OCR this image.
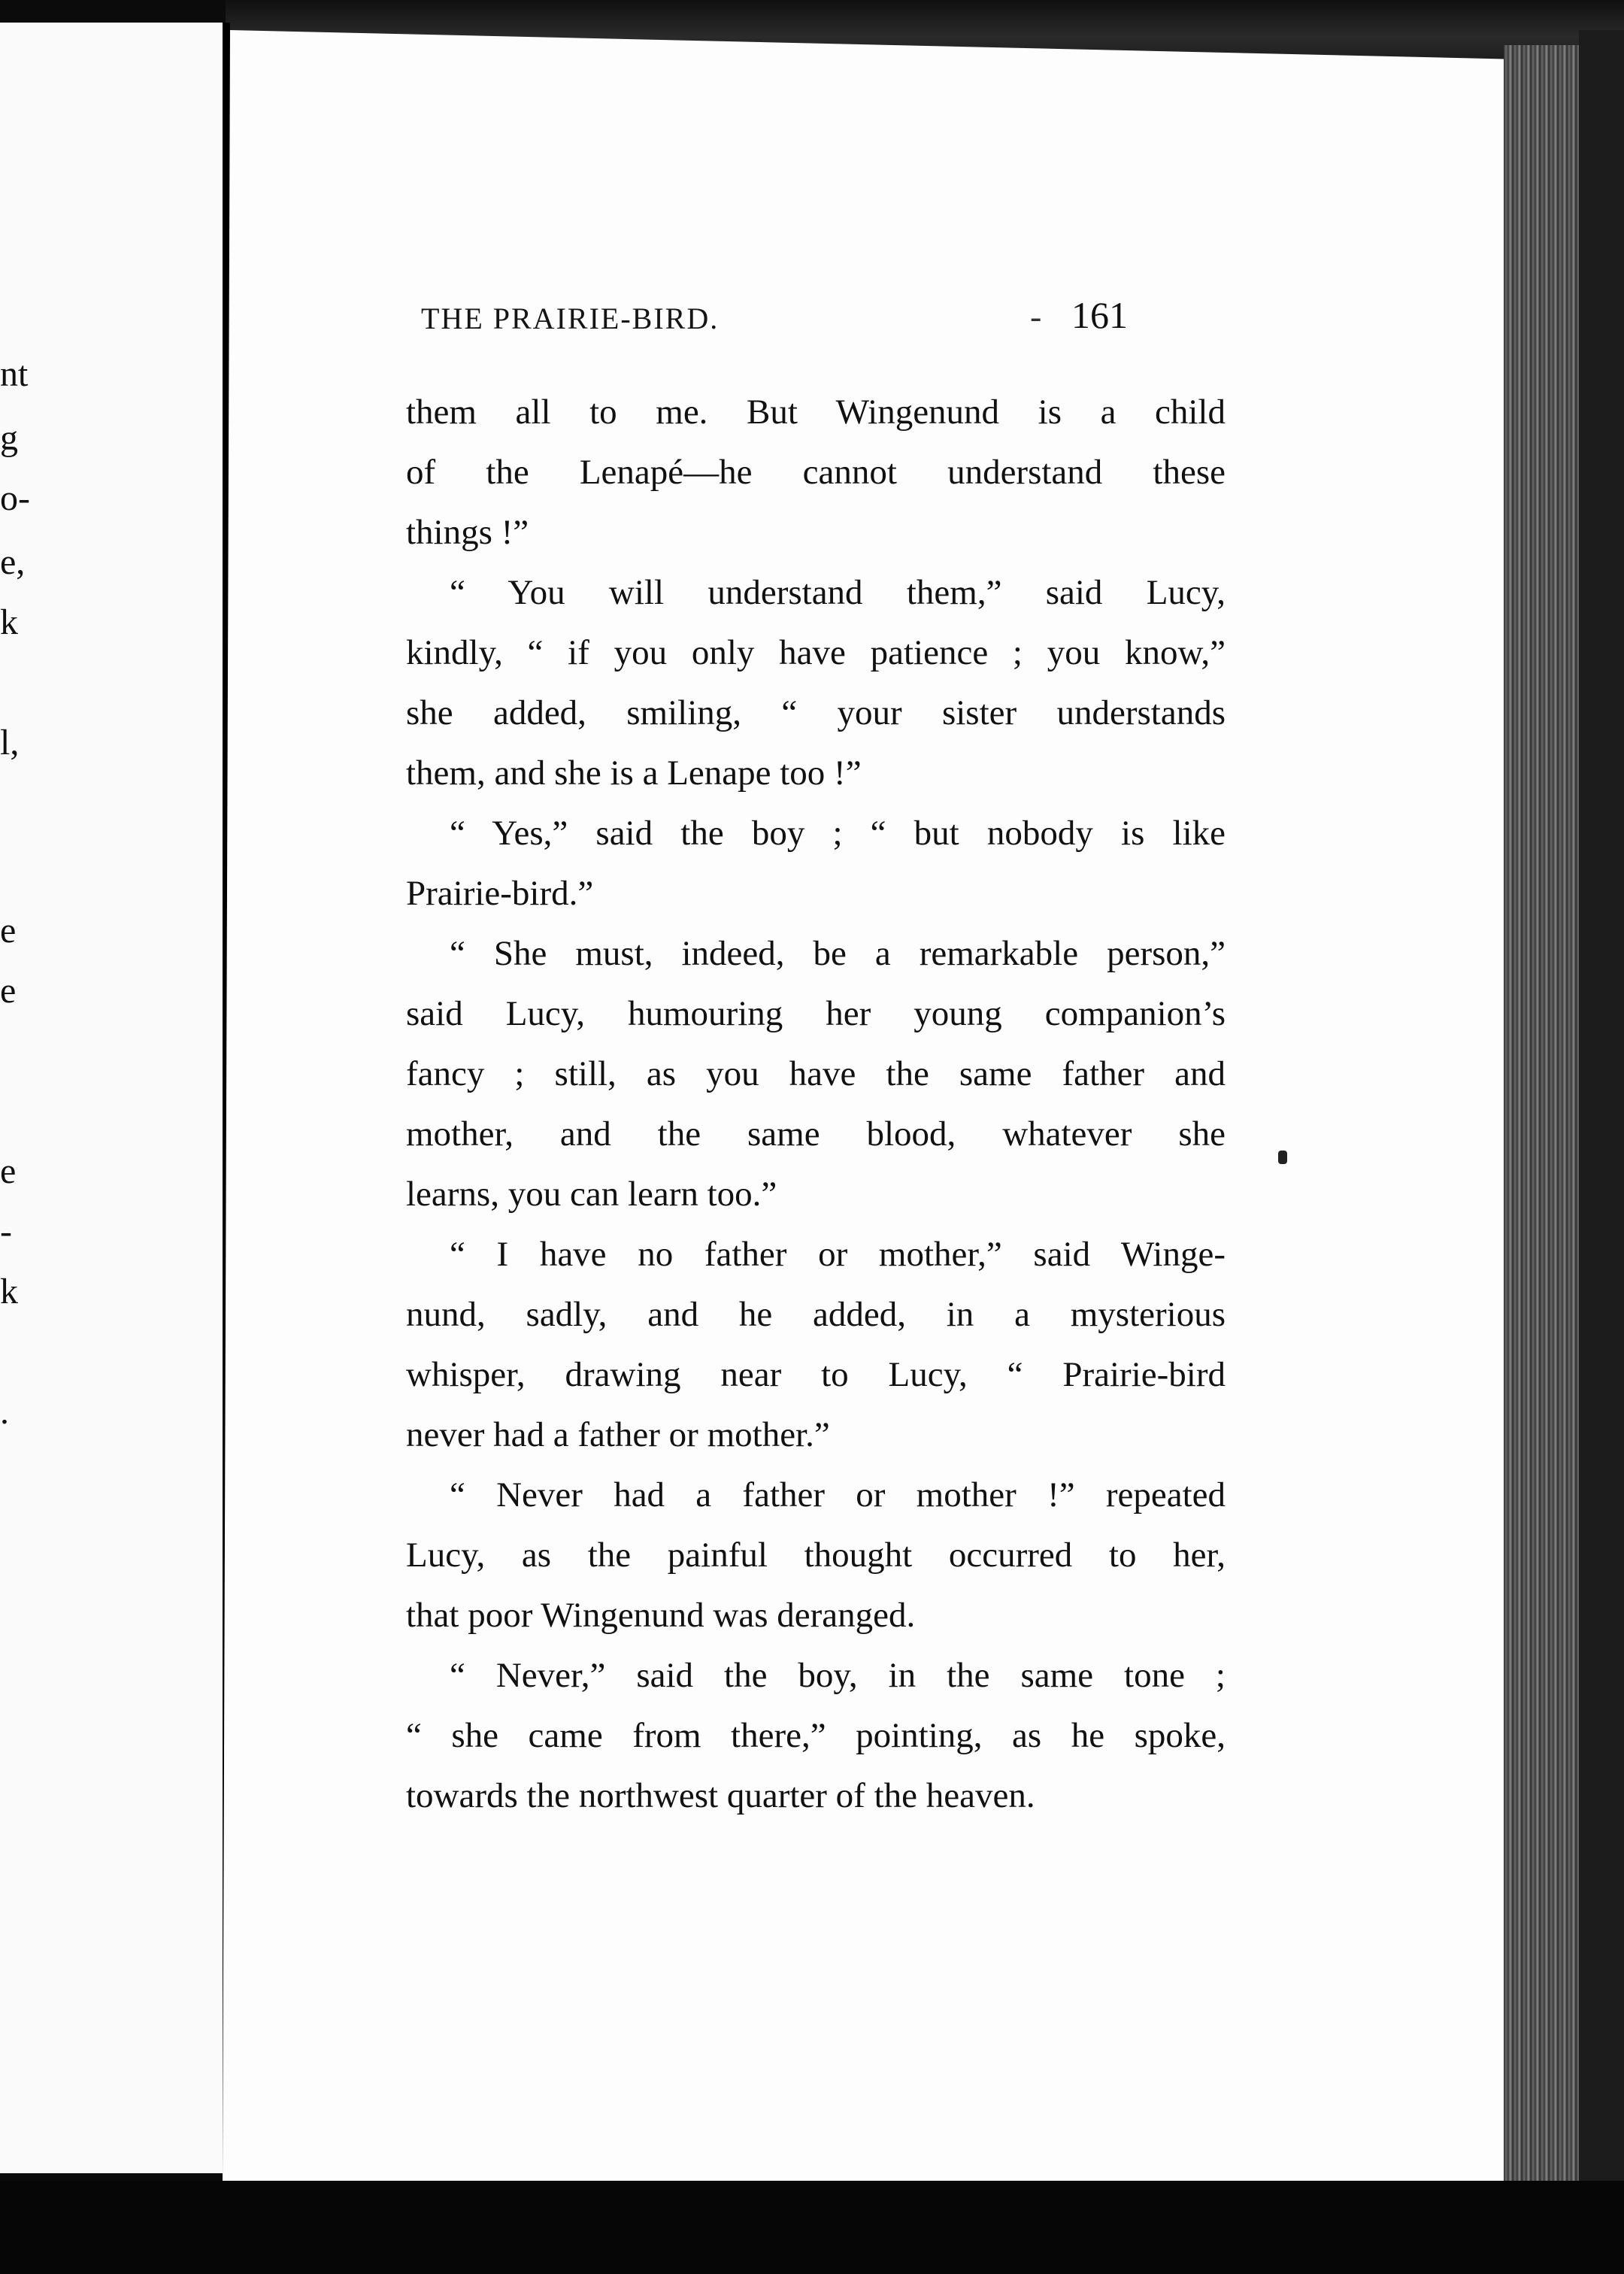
nt
g
o-
e,
k
l,
e
e
e
-
k
.
THE PRAIRIE-BIRD.	- 161
them all to me. But Wingenund is a child
of the Lenapé—he cannot understand these
things !”
“ You will understand them,” said Lucy,
kindly, “ if you only have patience ; you know,”
she added, smiling, “ your sister understands
them, and she is a Lenape too !”
“ Yes,” said the boy ; “ but nobody is like
Prairie-bird.”
“ She must, indeed, be a remarkable person,”
said Lucy, humouring her young companion’s
fancy ; still, as you have the same father and
mother, and the same blood, whatever she
learns, you can learn too.”
“ I have no father or mother,” said Winge-
nund, sadly, and he added, in a mysterious
whisper, drawing near to Lucy, “ Prairie-bird
never had a father or mother.”
“ Never had a father or mother !” repeated
Lucy, as the painful thought occurred to her,
that poor Wingenund was deranged.
“ Never,” said the boy, in the same tone ;
“ she came from there,” pointing, as he spoke,
towards the northwest quarter of the heaven.
